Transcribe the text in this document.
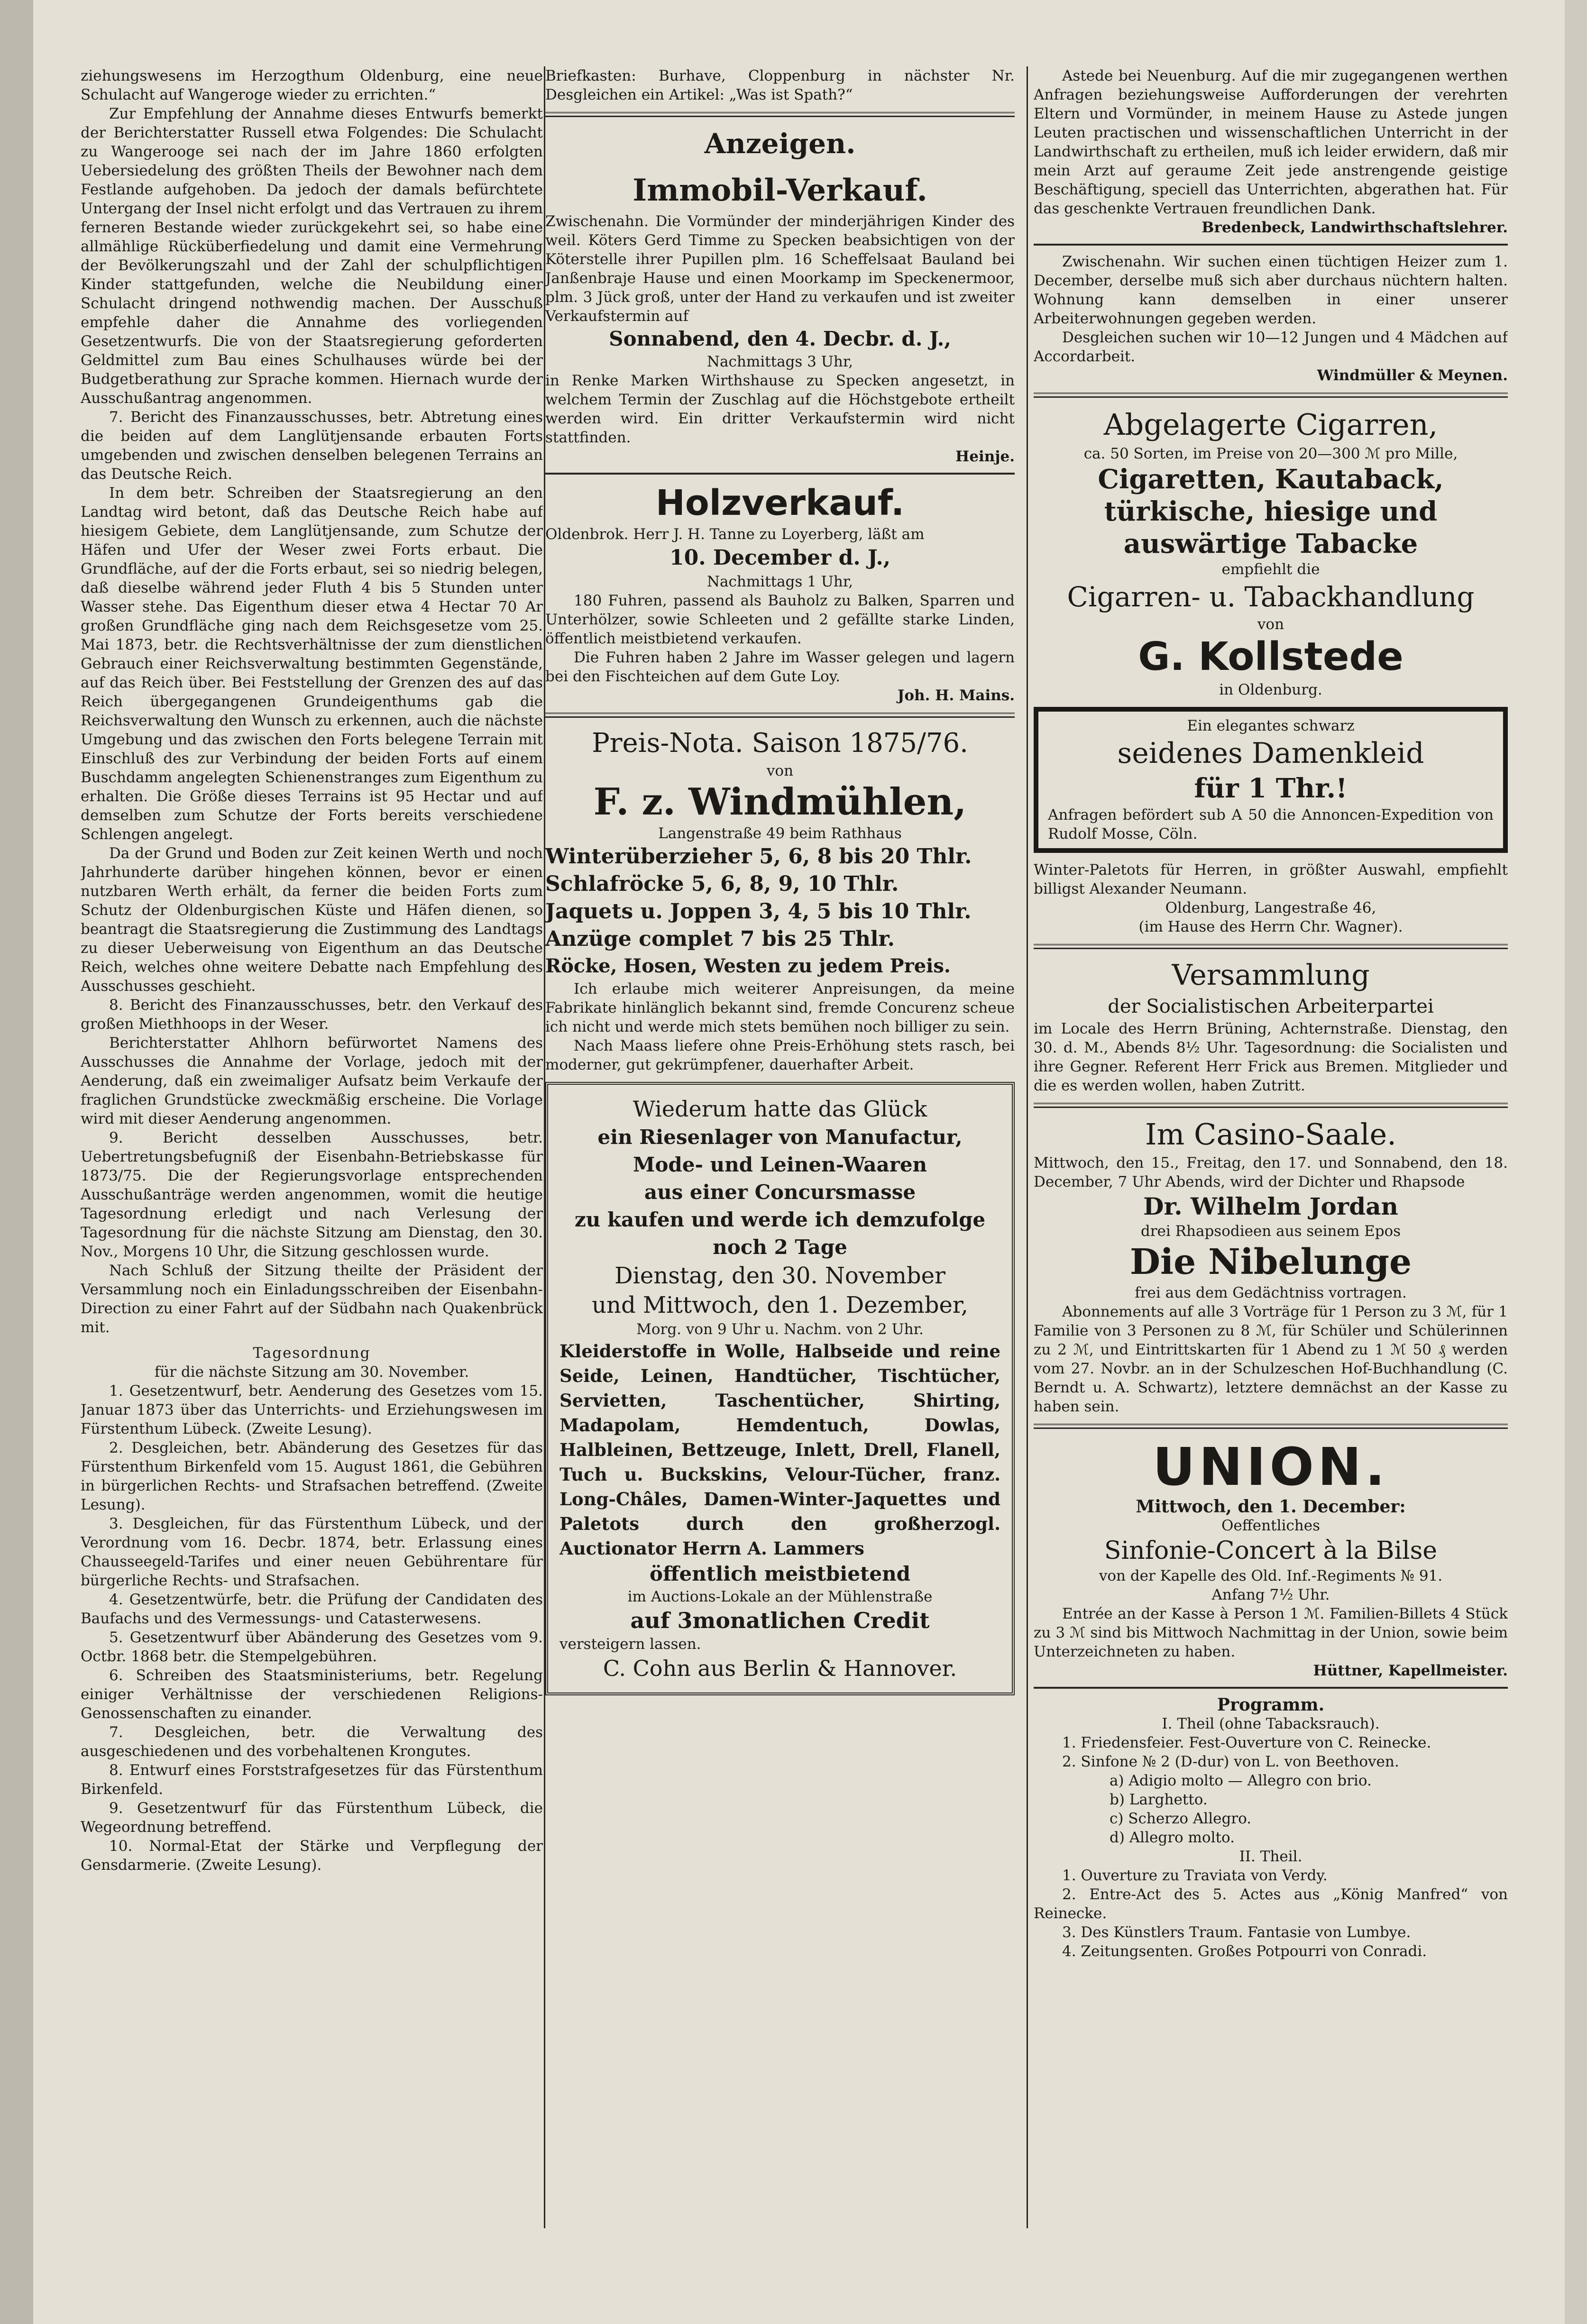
ziehungswesens im Herzogthum Oldenburg, eine neue Schulacht auf Wangeroge wieder zu errichten.“

Zur Empfehlung der Annahme dieses Entwurfs bemerkt der Berichterstatter Russell etwa Folgendes: Die Schulacht zu Wangerooge sei nach der im Jahre 1860 erfolgten Uebersiedelung des größten Theils der Bewohner nach dem Festlande aufgehoben. Da jedoch der damals befürchtete Untergang der Insel nicht erfolgt und das Vertrauen zu ihrem ferneren Bestande wieder zurückgekehrt sei, so habe eine allmählige Rücküberfiedelung und damit eine Vermehrung der Bevölkerungszahl und der Zahl der schulpflichtigen Kinder stattgefunden, welche die Neubildung einer Schulacht dringend nothwendig machen. Der Ausschuß empfehle daher die Annahme des vorliegenden Gesetzentwurfs. Die von der Staatsregierung geforderten Geldmittel zum Bau eines Schulhauses würde bei der Budgetberathung zur Sprache kommen. Hiernach wurde der Ausschußantrag angenommen.

7. Bericht des Finanzausschusses, betr. Abtretung eines die beiden auf dem Langlütjensande erbauten Forts umgebenden und zwischen denselben belegenen Terrains an das Deutsche Reich.

In dem betr. Schreiben der Staatsregierung an den Landtag wird betont, daß das Deutsche Reich habe auf hiesigem Gebiete, dem Langlütjensande, zum Schutze der Häfen und Ufer der Weser zwei Forts erbaut. Die Grundfläche, auf der die Forts erbaut, sei so niedrig belegen, daß dieselbe während jeder Fluth 4 bis 5 Stunden unter Wasser stehe. Das Eigenthum dieser etwa 4 Hectar 70 Ar großen Grundfläche ging nach dem Reichsgesetze vom 25. Mai 1873, betr. die Rechtsverhältnisse der zum dienstlichen Gebrauch einer Reichsverwaltung bestimmten Gegenstände, auf das Reich über. Bei Feststellung der Grenzen des auf das Reich übergegangenen Grundeigenthums gab die Reichsverwaltung den Wunsch zu erkennen, auch die nächste Umgebung und das zwischen den Forts belegene Terrain mit Einschluß des zur Verbindung der beiden Forts auf einem Buschdamm angelegten Schienenstranges zum Eigenthum zu erhalten. Die Größe dieses Terrains ist 95 Hectar und auf demselben zum Schutze der Forts bereits verschiedene Schlengen angelegt.

Da der Grund und Boden zur Zeit keinen Werth und noch Jahrhunderte darüber hingehen können, bevor er einen nutzbaren Werth erhält, da ferner die beiden Forts zum Schutz der Oldenburgischen Küste und Häfen dienen, so beantragt die Staatsregierung die Zustimmung des Landtags zu dieser Ueberweisung von Eigenthum an das Deutsche Reich, welches ohne weitere Debatte nach Empfehlung des Ausschusses geschieht.

8. Bericht des Finanzausschusses, betr. den Verkauf des großen Miethhoops in der Weser.

Berichterstatter Ahlhorn befürwortet Namens des Ausschusses die Annahme der Vorlage, jedoch mit der Aenderung, daß ein zweimaliger Aufsatz beim Verkaufe der fraglichen Grundstücke zweckmäßig erscheine. Die Vorlage wird mit dieser Aenderung angenommen.

9. Bericht desselben Ausschusses, betr. Uebertretungsbefugniß der Eisenbahn-Betriebskasse für 1873/75. Die der Regierungsvorlage entsprechenden Ausschußanträge werden angenommen, womit die heutige Tagesordnung erledigt und nach Verlesung der Tagesordnung für die nächste Sitzung am Dienstag, den 30. Nov., Morgens 10 Uhr, die Sitzung geschlossen wurde.

Nach Schluß der Sitzung theilte der Präsident der Versammlung noch ein Einladungsschreiben der Eisenbahn-Direction zu einer Fahrt auf der Südbahn nach Quakenbrück mit.

Tagesordnung

für die nächste Sitzung am 30. November.

1. Gesetzentwurf, betr. Aenderung des Gesetzes vom 15. Januar 1873 über das Unterrichts- und Erziehungswesen im Fürstenthum Lübeck. (Zweite Lesung).

2. Desgleichen, betr. Abänderung des Gesetzes für das Fürstenthum Birkenfeld vom 15. August 1861, die Gebühren in bürgerlichen Rechts- und Strafsachen betreffend. (Zweite Lesung).

3. Desgleichen, für das Fürstenthum Lübeck, und der Verordnung vom 16. Decbr. 1874, betr. Erlassung eines Chausseegeld-Tarifes und einer neuen Gebührentare für bürgerliche Rechts- und Strafsachen.

4. Gesetzentwürfe, betr. die Prüfung der Candidaten des Baufachs und des Vermessungs- und Catasterwesens.

5. Gesetzentwurf über Abänderung des Gesetzes vom 9. Octbr. 1868 betr. die Stempelgebühren.

6. Schreiben des Staatsministeriums, betr. Regelung einiger Verhältnisse der verschiedenen Religions-Genossenschaften zu einander.

7. Desgleichen, betr. die Verwaltung des ausgeschiedenen und des vorbehaltenen Krongutes.

8. Entwurf eines Forststrafgesetzes für das Fürstenthum Birkenfeld.

9. Gesetzentwurf für das Fürstenthum Lübeck, die Wegeordnung betreffend.

10. Normal-Etat der Stärke und Verpflegung der Gensdarmerie. (Zweite Lesung).

Briefkasten: Burhave, Cloppenburg in nächster Nr. Desgleichen ein Artikel: „Was ist Spath?“

Anzeigen.
Immobil-Verkauf.

Zwischenahn. Die Vormünder der minderjährigen Kinder des weil. Köters Gerd Timme zu Specken beabsichtigen von der Köterstelle ihrer Pupillen plm. 16 Scheffelsaat Bauland bei Janßenbraje Hause und einen Moorkamp im Speckenermoor, plm. 3 Jück groß, unter der Hand zu verkaufen und ist zweiter Verkaufstermin auf

Sonnabend, den 4. Decbr. d. J.,

Nachmittags 3 Uhr,

in Renke Marken Wirthshause zu Specken angesetzt, in welchem Termin der Zuschlag auf die Höchstgebote ertheilt werden wird. Ein dritter Verkaufstermin wird nicht stattfinden.

Heinje.

Holzverkauf.

Oldenbrok. Herr J. H. Tanne zu Loyerberg, läßt am

10. December d. J.,

Nachmittags 1 Uhr,

180 Fuhren, passend als Bauholz zu Balken, Sparren und Unterhölzer, sowie Schleeten und 2 gefällte starke Linden, öffentlich meistbietend verkaufen.

Die Fuhren haben 2 Jahre im Wasser gelegen und lagern bei den Fischteichen auf dem Gute Loy.

Joh. H. Mains.

Preis-Nota. Saison 1875/76.

von

F. z. Windmühlen,

Langenstraße 49 beim Rathhaus

Winterüberzieher 5, 6, 8 bis 20 Thlr.

Schlafröcke 5, 6, 8, 9, 10 Thlr.

Jaquets u. Joppen 3, 4, 5 bis 10 Thlr.

Anzüge complet 7 bis 25 Thlr.

Röcke, Hosen, Westen zu jedem Preis.

Ich erlaube mich weiterer Anpreisungen, da meine Fabrikate hinlänglich bekannt sind, fremde Concurenz scheue ich nicht und werde mich stets bemühen noch billiger zu sein.

Nach Maass liefere ohne Preis-Erhöhung stets rasch, bei moderner, gut gekrümpfener, dauerhafter Arbeit.

Wiederum hatte das Glück

ein Riesenlager von Manufactur, Mode- und Leinen-Waaren

aus einer Concursmasse

zu kaufen und werde ich demzufolge noch 2 Tage

Dienstag, den 30. November

und Mittwoch, den 1. Dezember,

Morg. von 9 Uhr u. Nachm. von 2 Uhr.

Kleiderstoffe in Wolle, Halbseide und reine Seide, Leinen, Handtücher, Tischtücher, Servietten, Taschentücher, Shirting, Madapolam, Hemdentuch, Dowlas, Halbleinen, Bettzeuge, Inlett, Drell, Flanell, Tuch u. Buckskins, Velour-Tücher, franz. Long-Châles, Damen-Winter-Jaquettes und Paletots durch den großherzogl. Auctionator Herrn A. Lammers

öffentlich meistbietend

im Auctions-Lokale an der Mühlenstraße

auf 3monatlichen Credit

versteigern lassen.

C. Cohn aus Berlin & Hannover.

Astede bei Neuenburg. Auf die mir zugegangenen werthen Anfragen beziehungsweise Aufforderungen der verehrten Eltern und Vormünder, in meinem Hause zu Astede jungen Leuten practischen und wissenschaftlichen Unterricht in der Landwirthschaft zu ertheilen, muß ich leider erwidern, daß mir mein Arzt auf geraume Zeit jede anstrengende geistige Beschäftigung, speciell das Unterrichten, abgerathen hat. Für das geschenkte Vertrauen freundlichen Dank.

Bredenbeck, Landwirthschaftslehrer.

Zwischenahn. Wir suchen einen tüchtigen Heizer zum 1. December, derselbe muß sich aber durchaus nüchtern halten. Wohnung kann demselben in einer unserer Arbeiterwohnungen gegeben werden.

Desgleichen suchen wir 10—12 Jungen und 4 Mädchen auf Accordarbeit.

Windmüller & Meynen.

Abgelagerte Cigarren,

ca. 50 Sorten, im Preise von 20—300 ℳ pro Mille,

Cigaretten, Kautaback,
türkische, hiesige und
auswärtige Tabacke

empfiehlt die

Cigarren- u. Tabackhandlung

von

G. Kollstede

in Oldenburg.

Ein elegantes schwarz

seidenes Damenkleid

für 1 Thr.!

Anfragen befördert sub A 50 die Annoncen-Expedition von Rudolf Mosse, Cöln.

Winter-Paletots für Herren, in größter Auswahl, empfiehlt billigst Alexander Neumann.

Oldenburg, Langestraße 46,

(im Hause des Herrn Chr. Wagner).

Versammlung

der Socialistischen Arbeiterpartei

im Locale des Herrn Brüning, Achternstraße. Dienstag, den 30. d. M., Abends 8½ Uhr. Tagesordnung: die Socialisten und ihre Gegner. Referent Herr Frick aus Bremen. Mitglieder und die es werden wollen, haben Zutritt.

Im Casino-Saale.

Mittwoch, den 15., Freitag, den 17. und Sonnabend, den 18. December, 7 Uhr Abends, wird der Dichter und Rhapsode

Dr. Wilhelm Jordan

drei Rhapsodieen aus seinem Epos

Die Nibelunge

frei aus dem Gedächtniss vortragen.

Abonnements auf alle 3 Vorträge für 1 Person zu 3 ℳ, für 1 Familie von 3 Personen zu 8 ℳ, für Schüler und Schülerinnen zu 2 ℳ, und Eintrittskarten für 1 Abend zu 1 ℳ 50 ₰ werden vom 27. Novbr. an in der Schulzeschen Hof-Buchhandlung (C. Berndt u. A. Schwartz), letztere demnächst an der Kasse zu haben sein.

UNION.

Mittwoch, den 1. December:

Oeffentliches

Sinfonie-Concert à la Bilse

von der Kapelle des Old. Inf.-Regiments № 91.

Anfang 7½ Uhr.

Entrée an der Kasse à Person 1 ℳ. Familien-Billets 4 Stück zu 3 ℳ sind bis Mittwoch Nachmittag in der Union, sowie beim Unterzeichneten zu haben.

Hüttner, Kapellmeister.

Programm.

I. Theil (ohne Tabacksrauch).

1. Friedensfeier. Fest-Ouverture von C. Reinecke.

2. Sinfone № 2 (D-dur) von L. von Beethoven.

a) Adigio molto — Allegro con brio.

b) Larghetto.

c) Scherzo Allegro.

d) Allegro molto.

II. Theil.

1. Ouverture zu Traviata von Verdy.

2. Entre-Act des 5. Actes aus „König Manfred“ von Reinecke.

3. Des Künstlers Traum. Fantasie von Lumbye.

4. Zeitungsenten. Großes Potpourri von Conradi.
